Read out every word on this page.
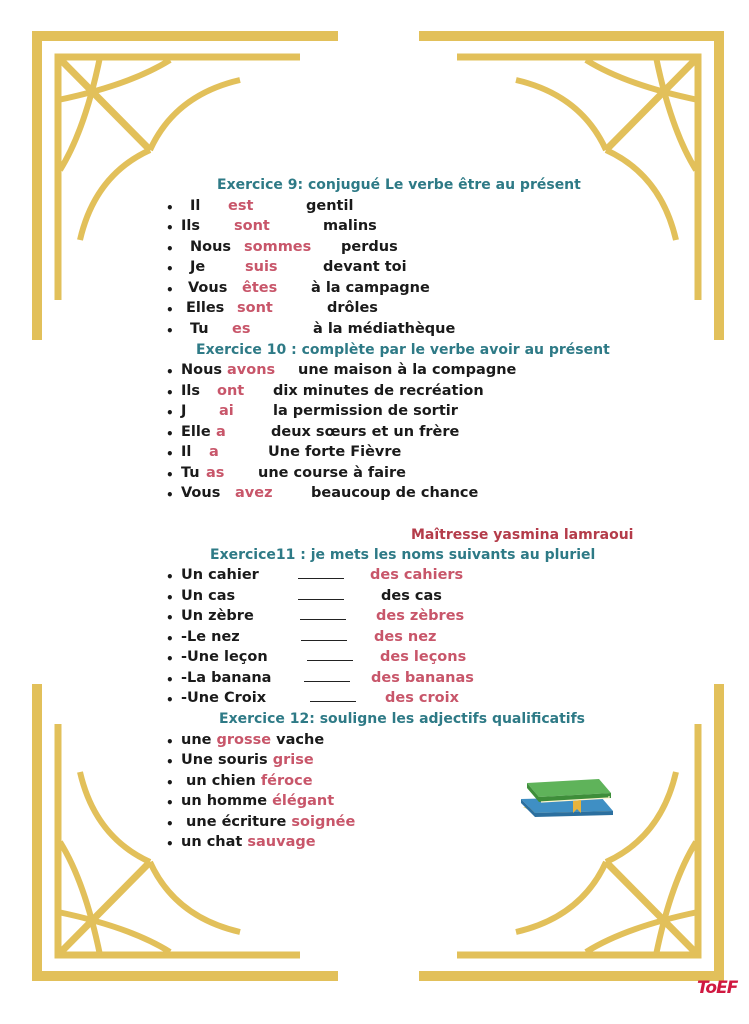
Exercice 9: conjugué Le verbe être au présent
• Il est	gentil
• Ils sont	malins
• Nous sommes perdus
• Je	suis	devant toi
• Vous êtes à la campagne
• Elles sont	drôles
• Tu es	à la médiathèque
Exercice 10 : complète par le verbe avoir au présent
• Nous avons une maison à la compagne
• Ils ont dix minutes de recréation
• J ai	la permission de sortir
• Elle a	deux sœurs et un frère
• Il a	Une forte Fièvre
• Tu as une course à faire
• Vous avez	beaucoup de chance
Maîtresse yasmina lamraoui
Exercice11 : je mets les noms suivants au pluriel
• Un cahier	des cahiers
• Un cas	des cas
• Un zèbre	des zèbres
• -Le nez	des nez
• -Une leçon	des leçons
• -La banana	des bananas
• -Une Croix	des croix
Exercice 12: souligne les adjectifs qualificatifs
• une grosse vache
• Une souris grise
• un chien féroce
• un homme élégant
• une écriture soignée
• un chat sauvage
ToEF
